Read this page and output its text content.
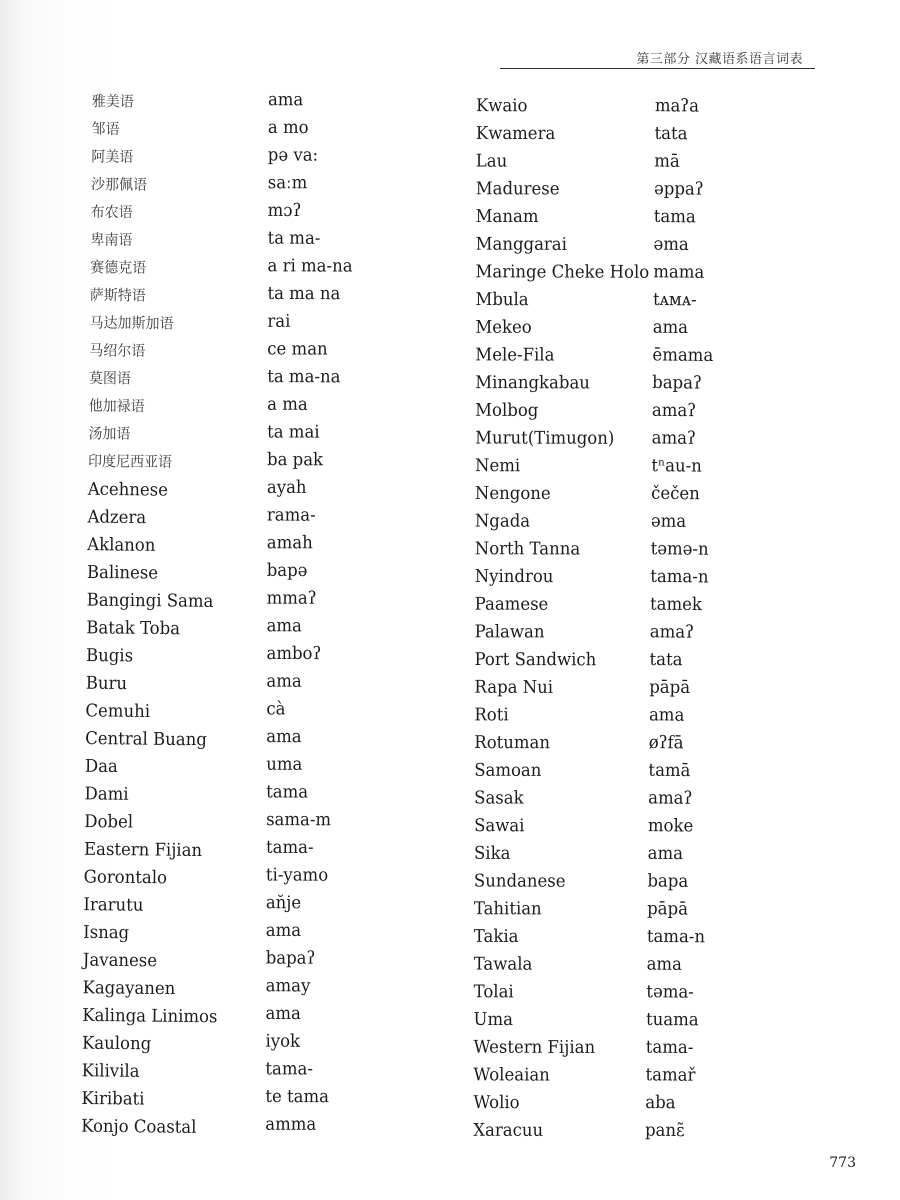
第三部分 汉藏语系语言词表
雅美语
邹语
阿美语
沙那佩语
布农语
卑南语
赛德克语
萨斯特语
马达加斯加语
马绍尔语
莫图语
他加禄语
汤加语
印度尼西亚语
Acehnese
Adzera
Aklanon
Balinese
Bangingi Sama
Batak Toba
Bugis
Buru
Cemuhi
Central Buang
Daa
Dami
Dobel
Eastern Fijian
Gorontalo
Irarutu
Isnag
Javanese
Kagayanen
Kalinga Linimos
Kaulong
Kilivila
Kiribati
Konjo Coastal
ama
a mo
pə va:
saːm
mɔʔ
ta ma-
a ri ma-na
ta ma na
rai
ce man
ta ma-na
a ma
ta mai
ba pak
ayah
rama-
amah
bapə
mmaʔ
ama
amboʔ
ama
cà
ama
uma
tama
sama-m
tama-
ti-yamo
an̆je
ama
bapaʔ
amay
ama
iyok
tama-
te tama
amma
Kwaio
Kwamera
Lau
Madurese
Manam
Manggarai
Maringe Cheke Holo
Mbula
Mekeo
Mele-Fila
Minangkabau
Molbog
Murut(Timugon)
Nemi
Nengone
Ngada
North Tanna
Nyindrou
Paamese
Palawan
Port Sandwich
Rapa Nui
Roti
Rotuman
Samoan
Sasak
Sawai
Sika
Sundanese
Tahitian
Takia
Tawala
Tolai
Uma
Western Fijian
Woleaian
Wolio
Xaracuu
maʔa
tata
mā
əppaʔ
tama
əma
mama
tᴀᴍᴀ-
ama
ēmama
bapaʔ
amaʔ
amaʔ
tⁿau-n
čečen
əma
təmə-n
tama-n
tamek
amaʔ
tata
pāpā
ama
øʔfā
tamā
amaʔ
moke
ama
bapa
pāpā
tama-n
ama
təma-
tuama
tama-
tamař
aba
panɛ̃
773
